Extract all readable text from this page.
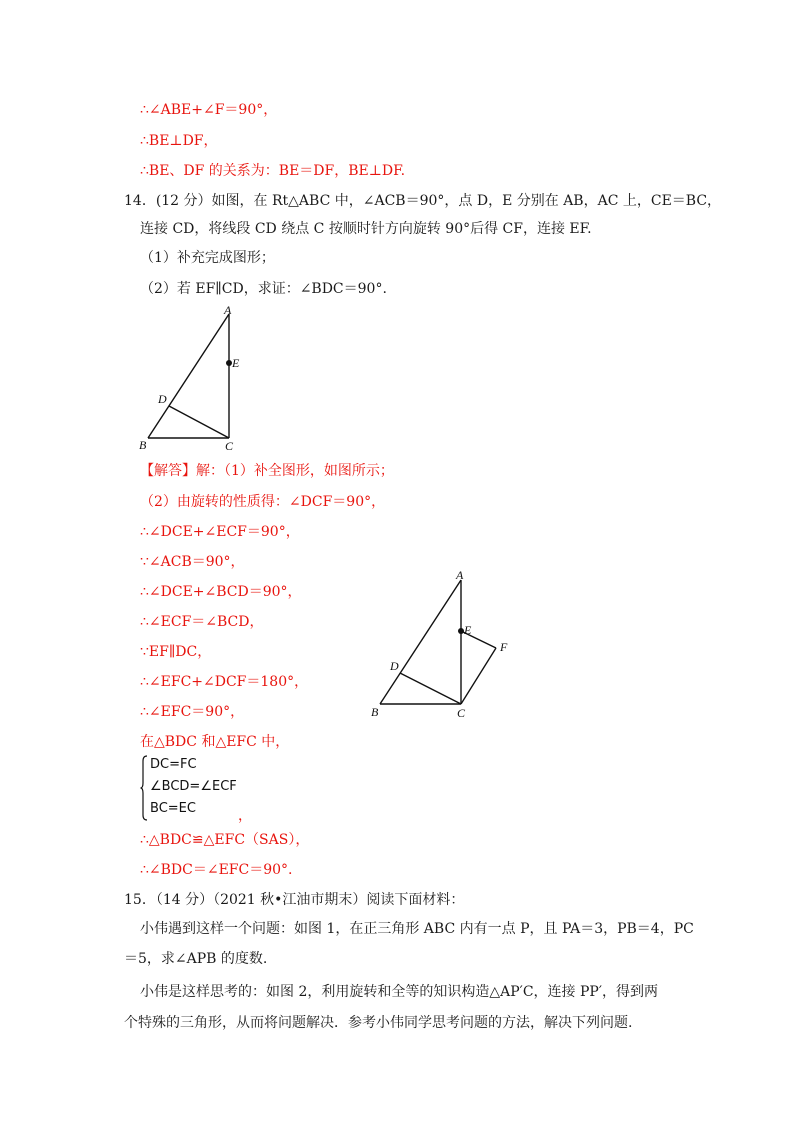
∴∠ABE+∠F＝90°，
∴BE⊥DF，
∴BE、DF 的关系为：BE＝DF，BE⊥DF.
14．(12 分）如图，在 Rt△ABC 中，∠ACB＝90°，点 D，E 分别在 AB，AC 上，CE＝BC，
连接 CD，将线段 CD 绕点 C 按顺时针方向旋转 90°后得 CF，连接 EF.
（1）补充完成图形；
（2）若 EF∥CD，求证：∠BDC＝90°.
A
E
D
B	C
【解答】解：（1）补全图形，如图所示；
（2）由旋转的性质得：∠DCF＝90°，
∴∠DCE+∠ECF＝90°，
∵∠ACB＝90°，
∴∠DCE+∠BCD＝90°，
∴∠ECF＝∠BCD，
∵EF∥DC，
∴∠EFC+∠DCF＝180°，
∴∠EFC＝90°，
在△BDC 和△EFC 中，
A
E
F
D
B	C
DC=FC
∠BCD=∠ECF
BC=EC	，
∴△BDC≌△EFC（SAS），
∴∠BDC＝∠EFC＝90°.
15．（14 分）（2021 秋•江油市期末）阅读下面材料：
小伟遇到这样一个问题：如图 1，在正三角形 ABC 内有一点 P，且 PA＝3，PB＝4，PC
＝5，求∠APB 的度数.
小伟是这样思考的：如图 2，利用旋转和全等的知识构造△AP′C，连接 PP′，得到两
个特殊的三角形，从而将问题解决．参考小伟同学思考问题的方法，解决下列问题.
